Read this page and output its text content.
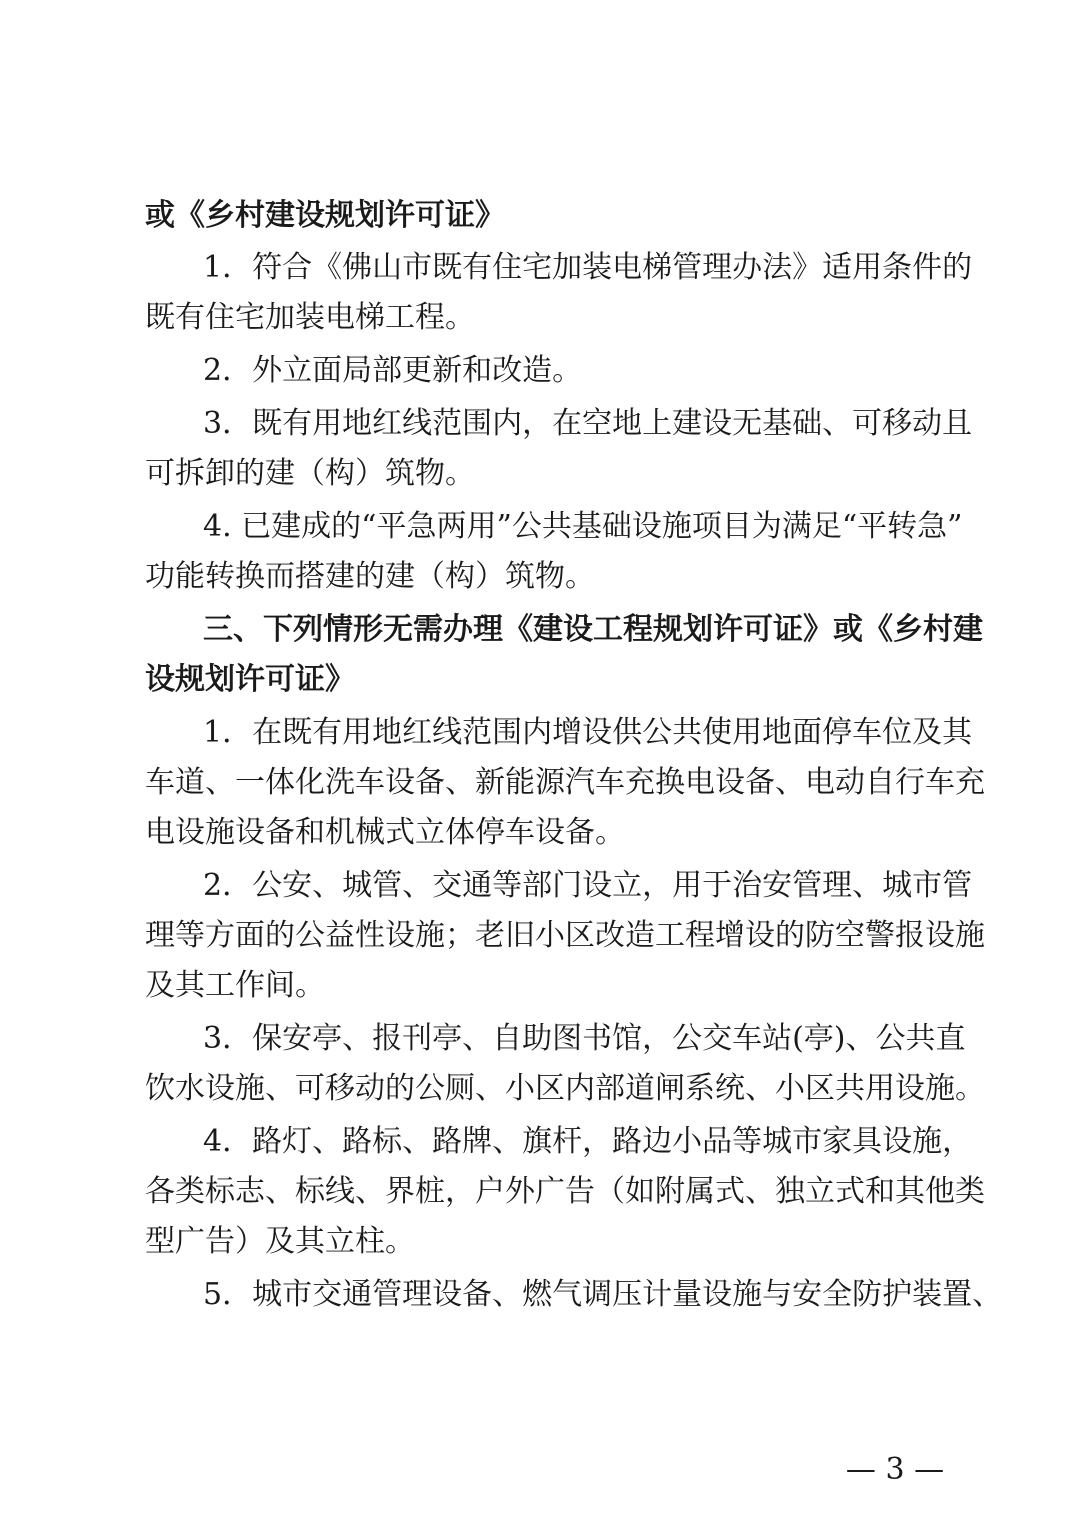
或《乡村建设规划许可证》
1．符合《佛山市既有住宅加装电梯管理办法》适用条件的
既有住宅加装电梯工程。
2．外立面局部更新和改造。
3．既有用地红线范围内，在空地上建设无基础、可移动且
可拆卸的建（构）筑物。
4. 已建成的“平急两用”公共基础设施项目为满足“平转急”
功能转换而搭建的建（构）筑物。
三、下列情形无需办理《建设工程规划许可证》或《乡村建
设规划许可证》
1．在既有用地红线范围内增设供公共使用地面停车位及其
车道、一体化洗车设备、新能源汽车充换电设备、电动自行车充
电设施设备和机械式立体停车设备。
2．公安、城管、交通等部门设立，用于治安管理、城市管
理等方面的公益性设施；老旧小区改造工程增设的防空警报设施
及其工作间。
3．保安亭、报刊亭、自助图书馆，公交车站(亭)、公共直
饮水设施、可移动的公厕、小区内部道闸系统、小区共用设施。
4．路灯、路标、路牌、旗杆，路边小品等城市家具设施，
各类标志、标线、界桩，户外广告（如附属式、独立式和其他类
型广告）及其立柱。
5．城市交通管理设备、燃气调压计量设施与安全防护装置、
— 3 —
